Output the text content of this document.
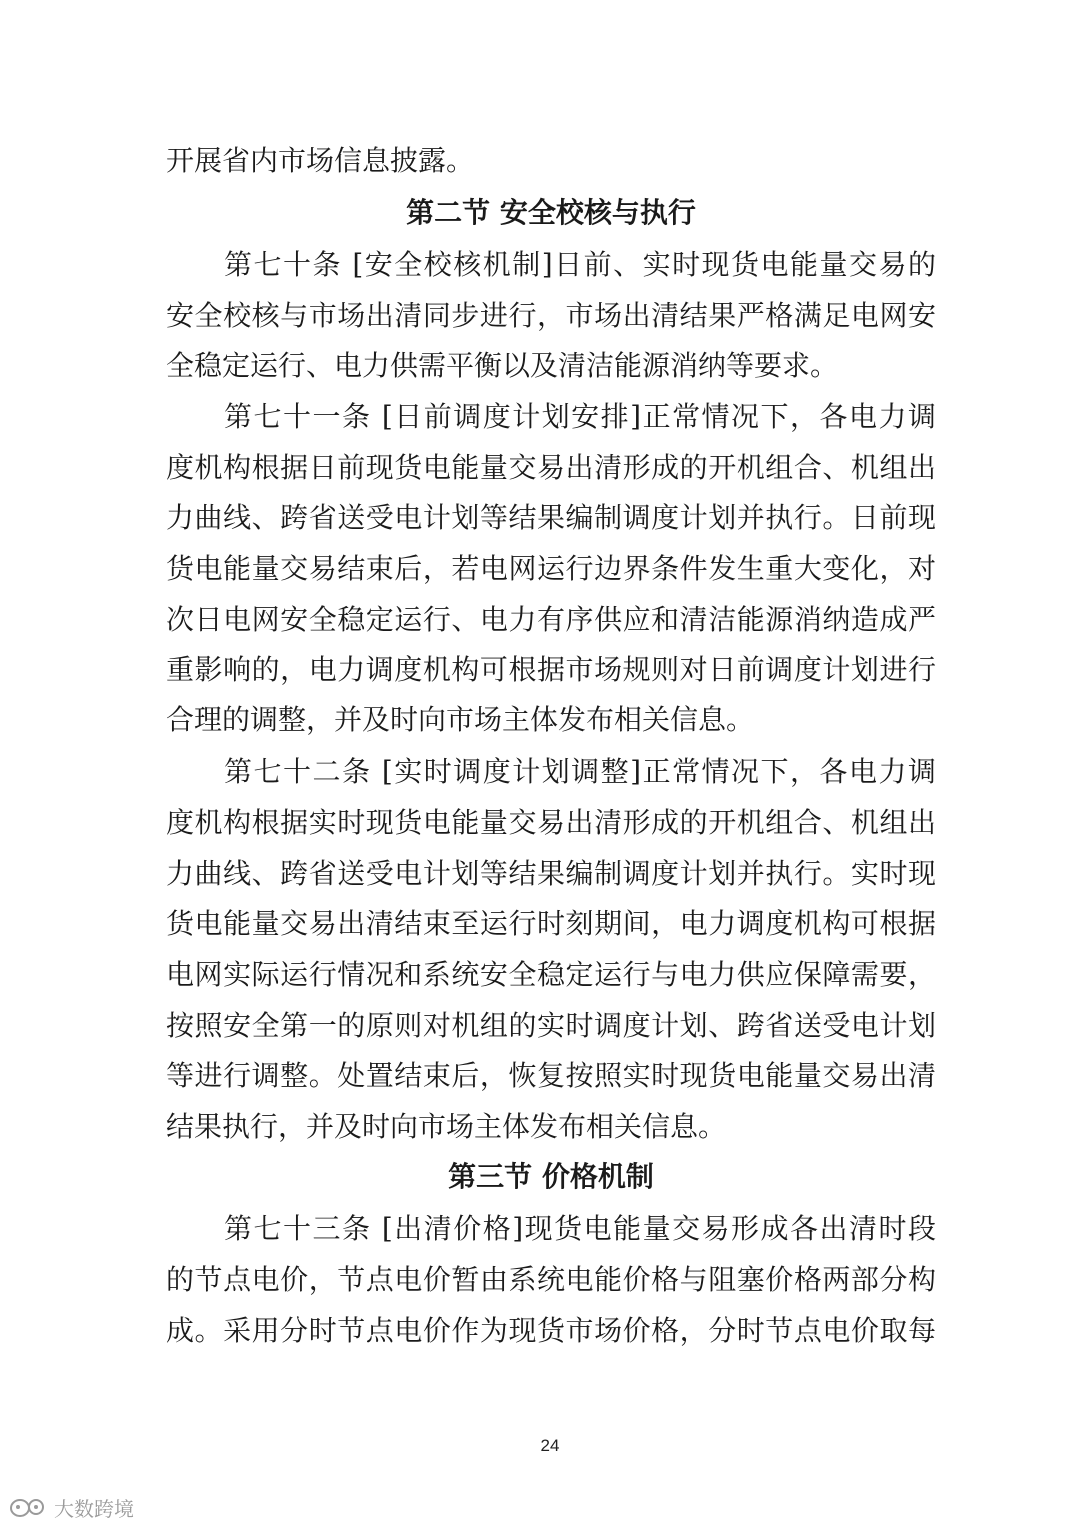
开展省内市场信息披露。
第二节 安全校核与执行
第七十条 [安全校核机制]日前、实时现货电能量交易的
安全校核与市场出清同步进行，市场出清结果严格满足电网安
全稳定运行、电力供需平衡以及清洁能源消纳等要求。
第七十一条 [日前调度计划安排]正常情况下，各电力调
度机构根据日前现货电能量交易出清形成的开机组合、机组出
力曲线、跨省送受电计划等结果编制调度计划并执行。日前现
货电能量交易结束后，若电网运行边界条件发生重大变化，对
次日电网安全稳定运行、电力有序供应和清洁能源消纳造成严
重影响的，电力调度机构可根据市场规则对日前调度计划进行
合理的调整，并及时向市场主体发布相关信息。
第七十二条 [实时调度计划调整]正常情况下，各电力调
度机构根据实时现货电能量交易出清形成的开机组合、机组出
力曲线、跨省送受电计划等结果编制调度计划并执行。实时现
货电能量交易出清结束至运行时刻期间，电力调度机构可根据
电网实际运行情况和系统安全稳定运行与电力供应保障需要，
按照安全第一的原则对机组的实时调度计划、跨省送受电计划
等进行调整。处置结束后，恢复按照实时现货电能量交易出清
结果执行，并及时向市场主体发布相关信息。
第三节 价格机制
第七十三条 [出清价格]现货电能量交易形成各出清时段
的节点电价，节点电价暂由系统电能价格与阻塞价格两部分构
成。采用分时节点电价作为现货市场价格，分时节点电价取每
24
大数跨境
